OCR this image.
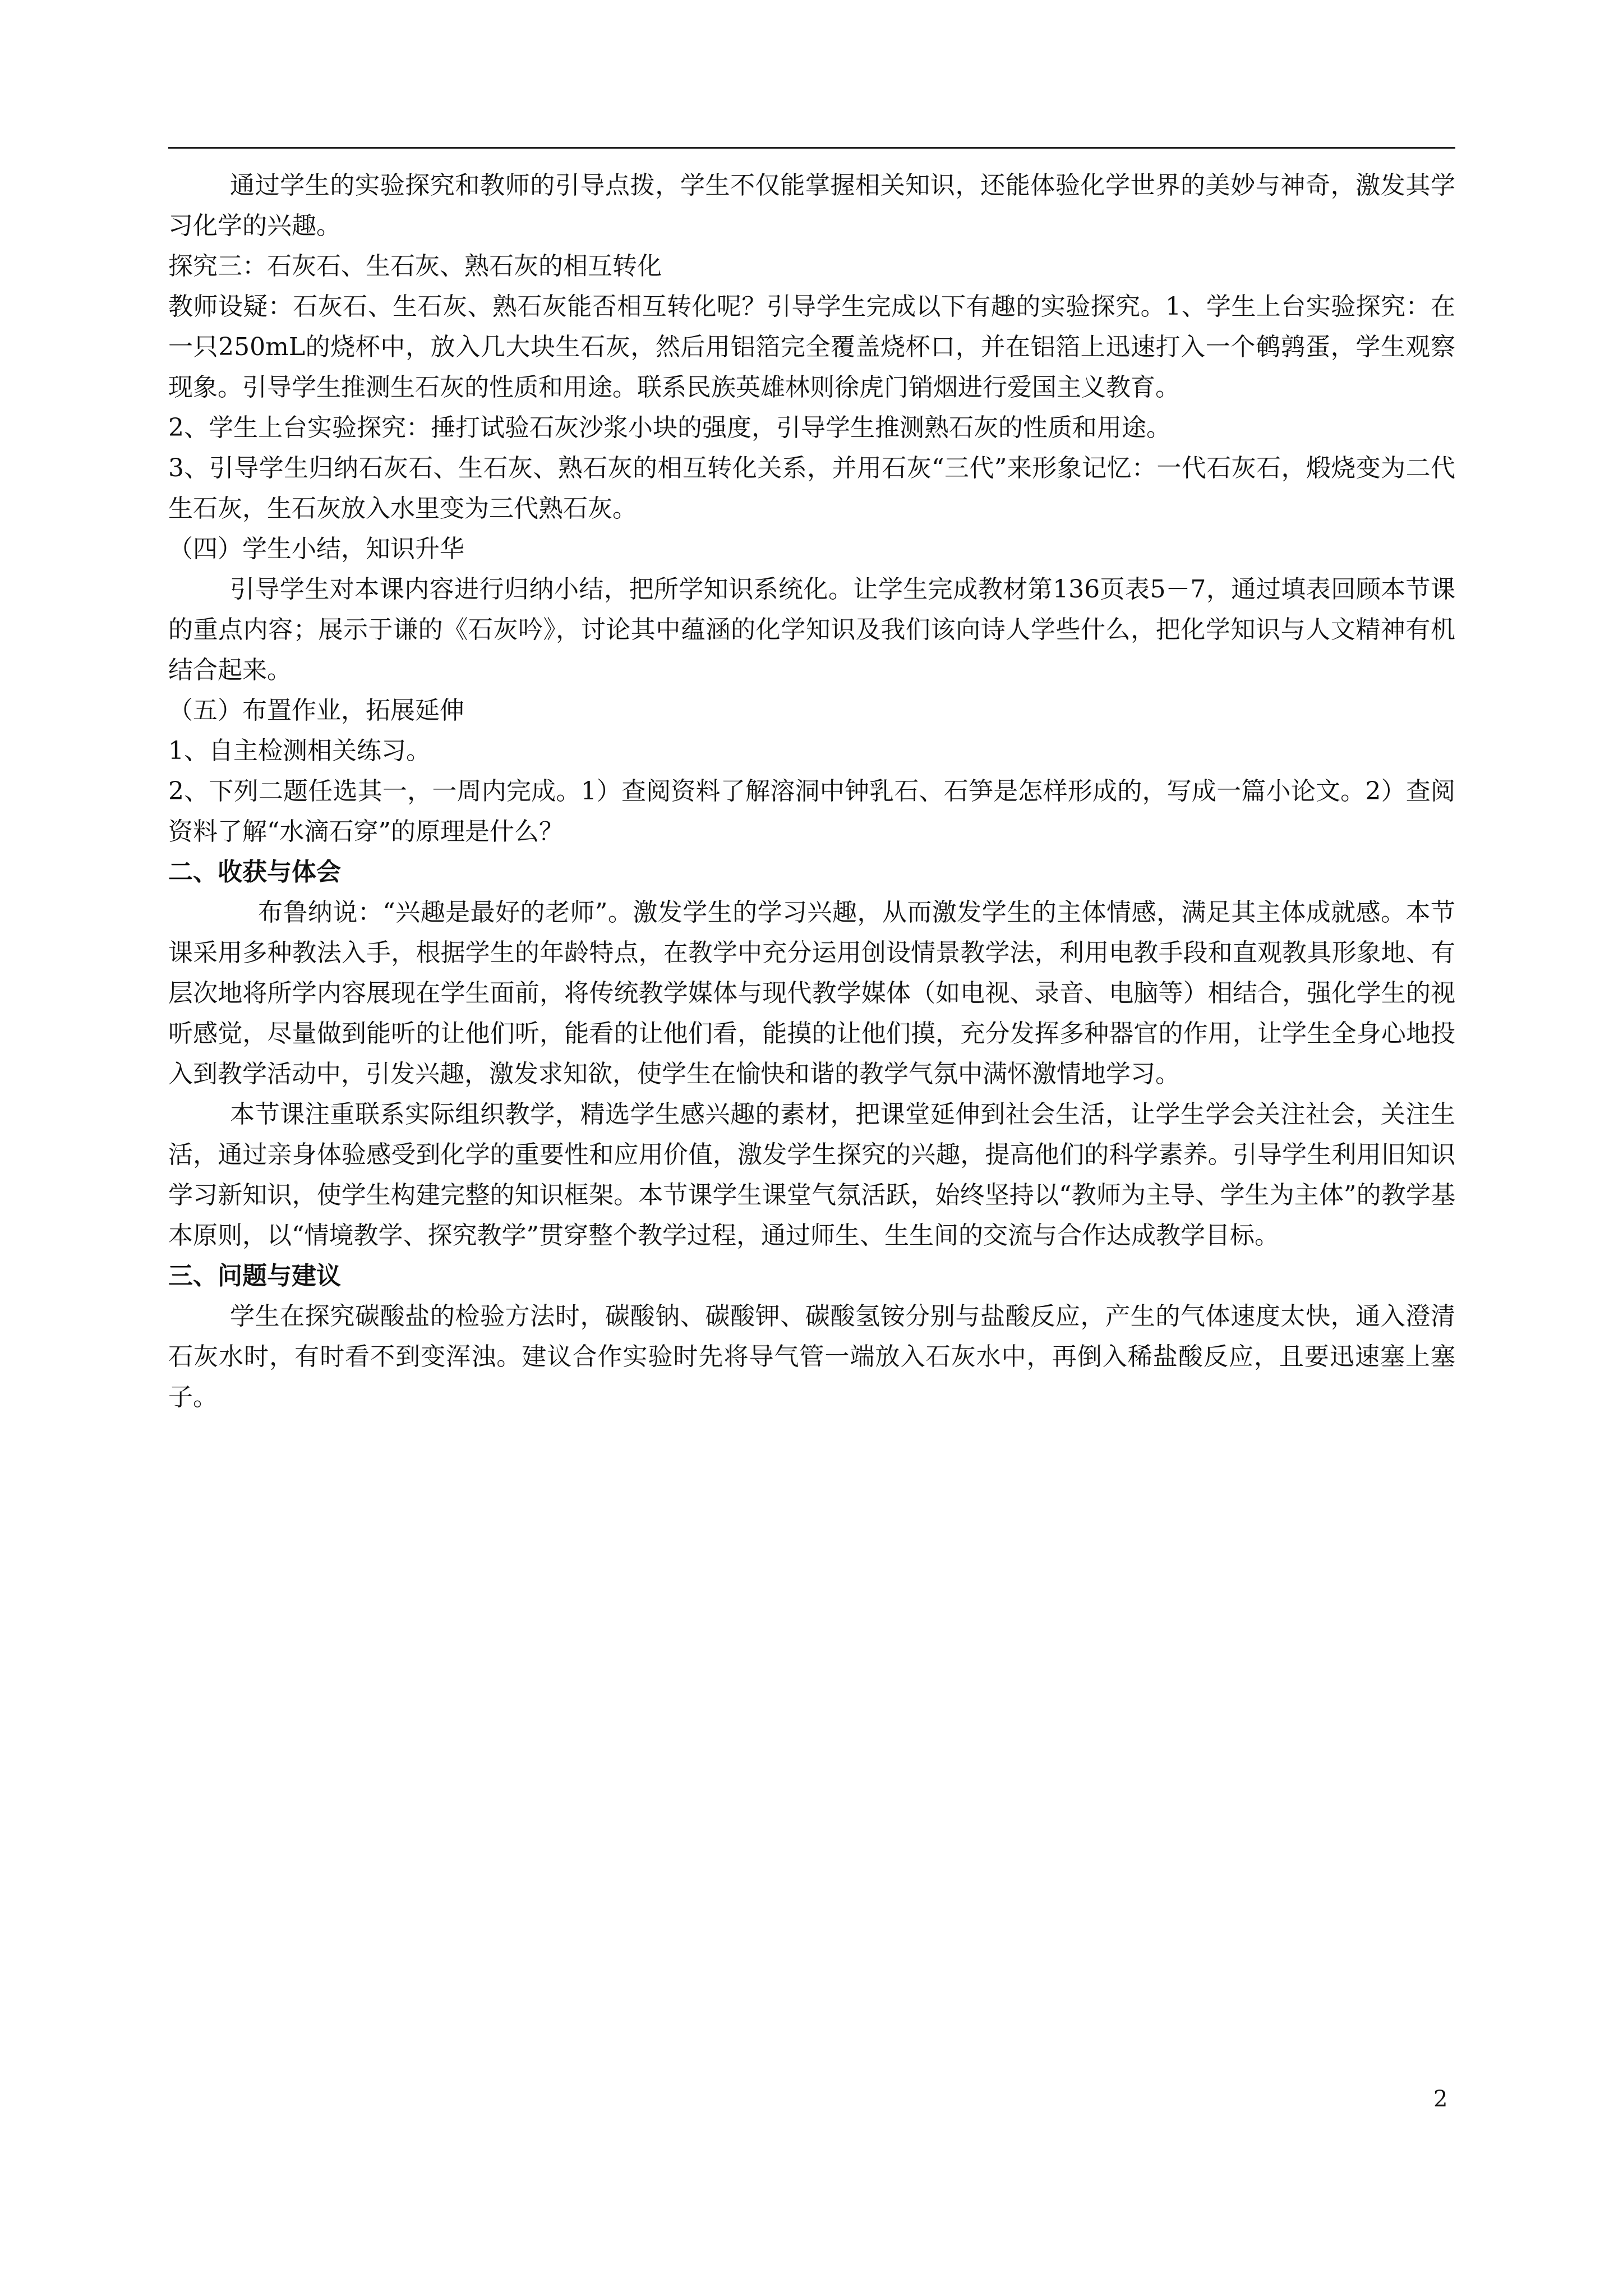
通过学生的实验探究和教师的引导点拨，学生不仅能掌握相关知识，还能体验化学世界的美妙与神奇，激发其学习化学的兴趣。

探究三：石灰石、生石灰、熟石灰的相互转化

教师设疑：石灰石、生石灰、熟石灰能否相互转化呢？引导学生完成以下有趣的实验探究。1、学生上台实验探究：在一只250mL的烧杯中，放入几大块生石灰，然后用铝箔完全覆盖烧杯口，并在铝箔上迅速打入一个鹌鹑蛋，学生观察现象。引导学生推测生石灰的性质和用途。联系民族英雄林则徐虎门销烟进行爱国主义教育。

2、学生上台实验探究：捶打试验石灰沙浆小块的强度，引导学生推测熟石灰的性质和用途。

3、引导学生归纳石灰石、生石灰、熟石灰的相互转化关系，并用石灰“三代”来形象记忆：一代石灰石，煅烧变为二代生石灰，生石灰放入水里变为三代熟石灰。

（四）学生小结，知识升华

引导学生对本课内容进行归纳小结，把所学知识系统化。让学生完成教材第136页表5－7，通过填表回顾本节课的重点内容；展示于谦的《石灰吟》，讨论其中蕴涵的化学知识及我们该向诗人学些什么，把化学知识与人文精神有机结合起来。

（五）布置作业，拓展延伸

1、自主检测相关练习。

2、下列二题任选其一，一周内完成。1）查阅资料了解溶洞中钟乳石、石笋是怎样形成的，写成一篇小论文。2）查阅资料了解“水滴石穿”的原理是什么？

二、收获与体会

布鲁纳说：“兴趣是最好的老师”。激发学生的学习兴趣，从而激发学生的主体情感，满足其主体成就感。本节课采用多种教法入手，根据学生的年龄特点，在教学中充分运用创设情景教学法，利用电教手段和直观教具形象地、有层次地将所学内容展现在学生面前，将传统教学媒体与现代教学媒体（如电视、录音、电脑等）相结合，强化学生的视听感觉，尽量做到能听的让他们听，能看的让他们看，能摸的让他们摸，充分发挥多种器官的作用，让学生全身心地投入到教学活动中，引发兴趣，激发求知欲，使学生在愉快和谐的教学气氛中满怀激情地学习。

本节课注重联系实际组织教学，精选学生感兴趣的素材，把课堂延伸到社会生活，让学生学会关注社会，关注生活，通过亲身体验感受到化学的重要性和应用价值，激发学生探究的兴趣，提高他们的科学素养。引导学生利用旧知识学习新知识，使学生构建完整的知识框架。本节课学生课堂气氛活跃，始终坚持以“教师为主导、学生为主体”的教学基本原则，以“情境教学、探究教学”贯穿整个教学过程，通过师生、生生间的交流与合作达成教学目标。

三、问题与建议

学生在探究碳酸盐的检验方法时，碳酸钠、碳酸钾、碳酸氢铵分别与盐酸反应，产生的气体速度太快，通入澄清石灰水时，有时看不到变浑浊。建议合作实验时先将导气管一端放入石灰水中，再倒入稀盐酸反应，且要迅速塞上塞子。

2
